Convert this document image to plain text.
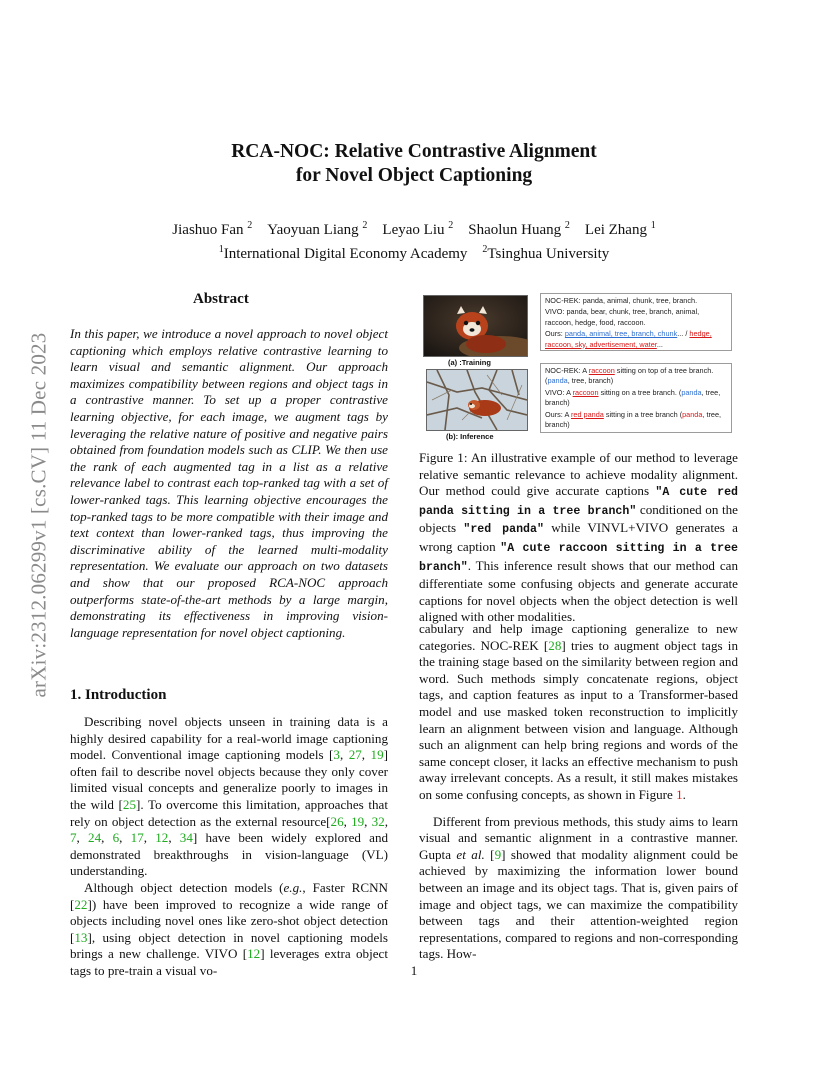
arXiv:2312.06299v1 [cs.CV] 11 Dec 2023
RCA-NOC: Relative Contrastive Alignment
for Novel Object Captioning
Jiashuo Fan $^2$  Yaoyuan Liang $^2$  Leyao Liu $^2$  Shaolun Huang $^2$  Lei Zhang $^1$
$^1$International Digital Economy Academy   $^2$Tsinghua University
Abstract
In this paper, we introduce a novel approach to novel object captioning which employs relative contrastive learning to learn visual and semantic alignment. Our approach maximizes compatibility between regions and object tags in a contrastive manner. To set up a proper contrastive learning objective, for each image, we augment tags by leveraging the relative nature of positive and negative pairs obtained from foundation models such as CLIP. We then use the rank of each augmented tag in a list as a relative relevance label to contrast each top-ranked tag with a set of lower-ranked tags. This learning objective encourages the top-ranked tags to be more compatible with their image and text context than lower-ranked tags, thus improving the discriminative ability of the learned multi-modality representation. We evaluate our approach on two datasets and show that our proposed RCA-NOC approach outperforms state-of-the-art methods by a large margin, demonstrating its effectiveness in improving vision-language representation for novel object captioning.
1. Introduction

Describing novel objects unseen in training data is a highly desired capability for a real-world image captioning model. Conventional image captioning models [3, 27, 19] often fail to describe novel objects because they only cover limited visual concepts and generalize poorly to images in the wild [25]. To overcome this limitation, approaches that rely on object detection as the external resource[26, 19, 32, 7, 24, 6, 17, 12, 34] have been widely explored and demonstrated breakthroughs in vision-language (VL) understanding.

Although object detection models (e.g., Faster RCNN [22]) have been improved to recognize a wide range of objects including novel ones like zero-shot object detection [13], using object detection in novel captioning models brings a new challenge. VIVO [12] leverages extra object tags to pre-train a visual vo-

(a) :Training
(b): Inference
NOC-REK: panda, animal, chunk, tree, branch.
VIVO: panda, bear, chunk, tree, branch, animal, raccoon, hedge, food, raccoon.
Ours: panda, animal, tree, branch, chunk... / hedge, raccoon, sky, advertisement, water...
NOC-REK: A raccoon sitting on top of a tree branch. (panda, tree, branch)
VIVO: A raccoon sitting on a tree branch. (panda, tree, branch)
Ours: A red panda sitting in a tree branch (panda, tree, branch)
Figure 1: An illustrative example of our method to leverage relative semantic relevance to achieve modality alignment. Our method could give accurate captions "A cute red panda sitting in a tree branch" conditioned on the objects "red panda" while VINVL+VIVO generates a wrong caption "A cute raccoon sitting in a tree branch". This inference result shows that our method can differentiate some confusing objects and generate accurate captions for novel objects when the object detection is well aligned with other modalities.

cabulary and help image captioning generalize to new categories. NOC-REK [28] tries to augment object tags in the training stage based on the similarity between region and word. Such methods simply concatenate regions, object tags, and caption features as input to a Transformer-based model and use masked token reconstruction to implicitly learn an alignment between vision and language. Although such an alignment can help bring regions and words of the same concept closer, it lacks an effective mechanism to push away irrelevant concepts. As a result, it still makes mistakes on some confusing concepts, as shown in Figure 1.

Different from previous methods, this study aims to learn visual and semantic alignment in a contrastive manner. Gupta et al. [9] showed that modality alignment could be achieved by maximizing the information lower bound between an image and its object tags. That is, given pairs of image and object tags, we can maximize the compatibility between tags and their attention-weighted region representations, compared to regions and non-corresponding tags. How-

1
